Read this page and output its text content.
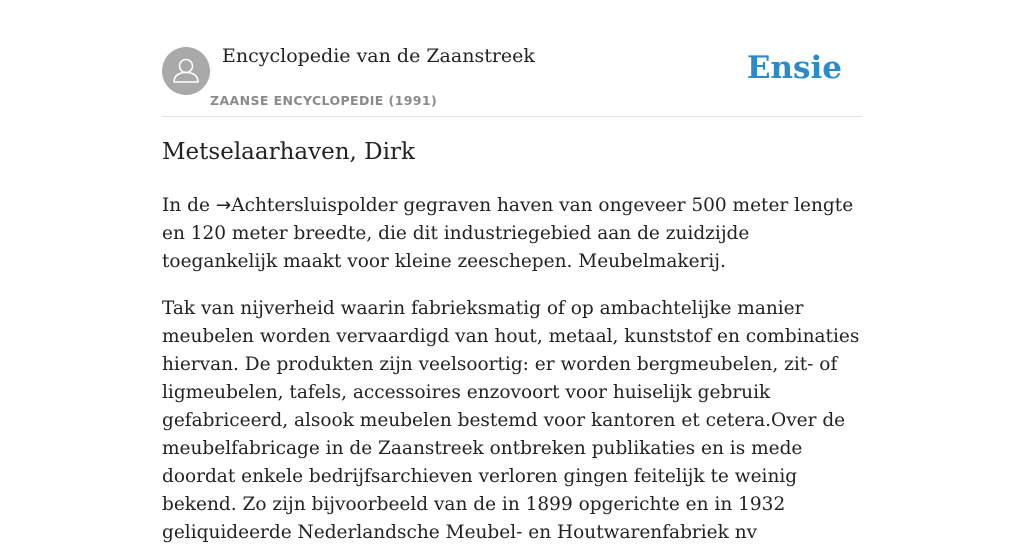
Encyclopedie van de Zaanstreek
ZAANSE ENCYCLOPEDIE (1991)
Ensie
Metselaarhaven, Dirk

In de →Achtersluispolder gegraven haven van ongeveer 500 meter lengte en 120 meter breedte, die dit industriegebied aan de zuidzijde toegankelijk maakt voor kleine zeeschepen. Meubelmakerij.

Tak van nijverheid waarin fabrieksmatig of op ambachtelijke manier meubelen worden vervaardigd van hout, metaal, kunststof en combinaties hiervan. De produkten zijn veelsoortig: er worden bergmeubelen, zit- of ligmeubelen, tafels, accessoires enzovoort voor huiselijk gebruik gefabriceerd, alsook meubelen bestemd voor kantoren et cetera.Over de meubelfabricage in de Zaanstreek ontbreken publikaties en is mede doordat enkele bedrijfsarchieven verloren gingen feitelijk te weinig bekend. Zo zijn bijvoorbeeld van de in 1899 opgerichte en in 1932 geliquideerde Nederlandsche Meubel- en Houtwarenfabriek nv
